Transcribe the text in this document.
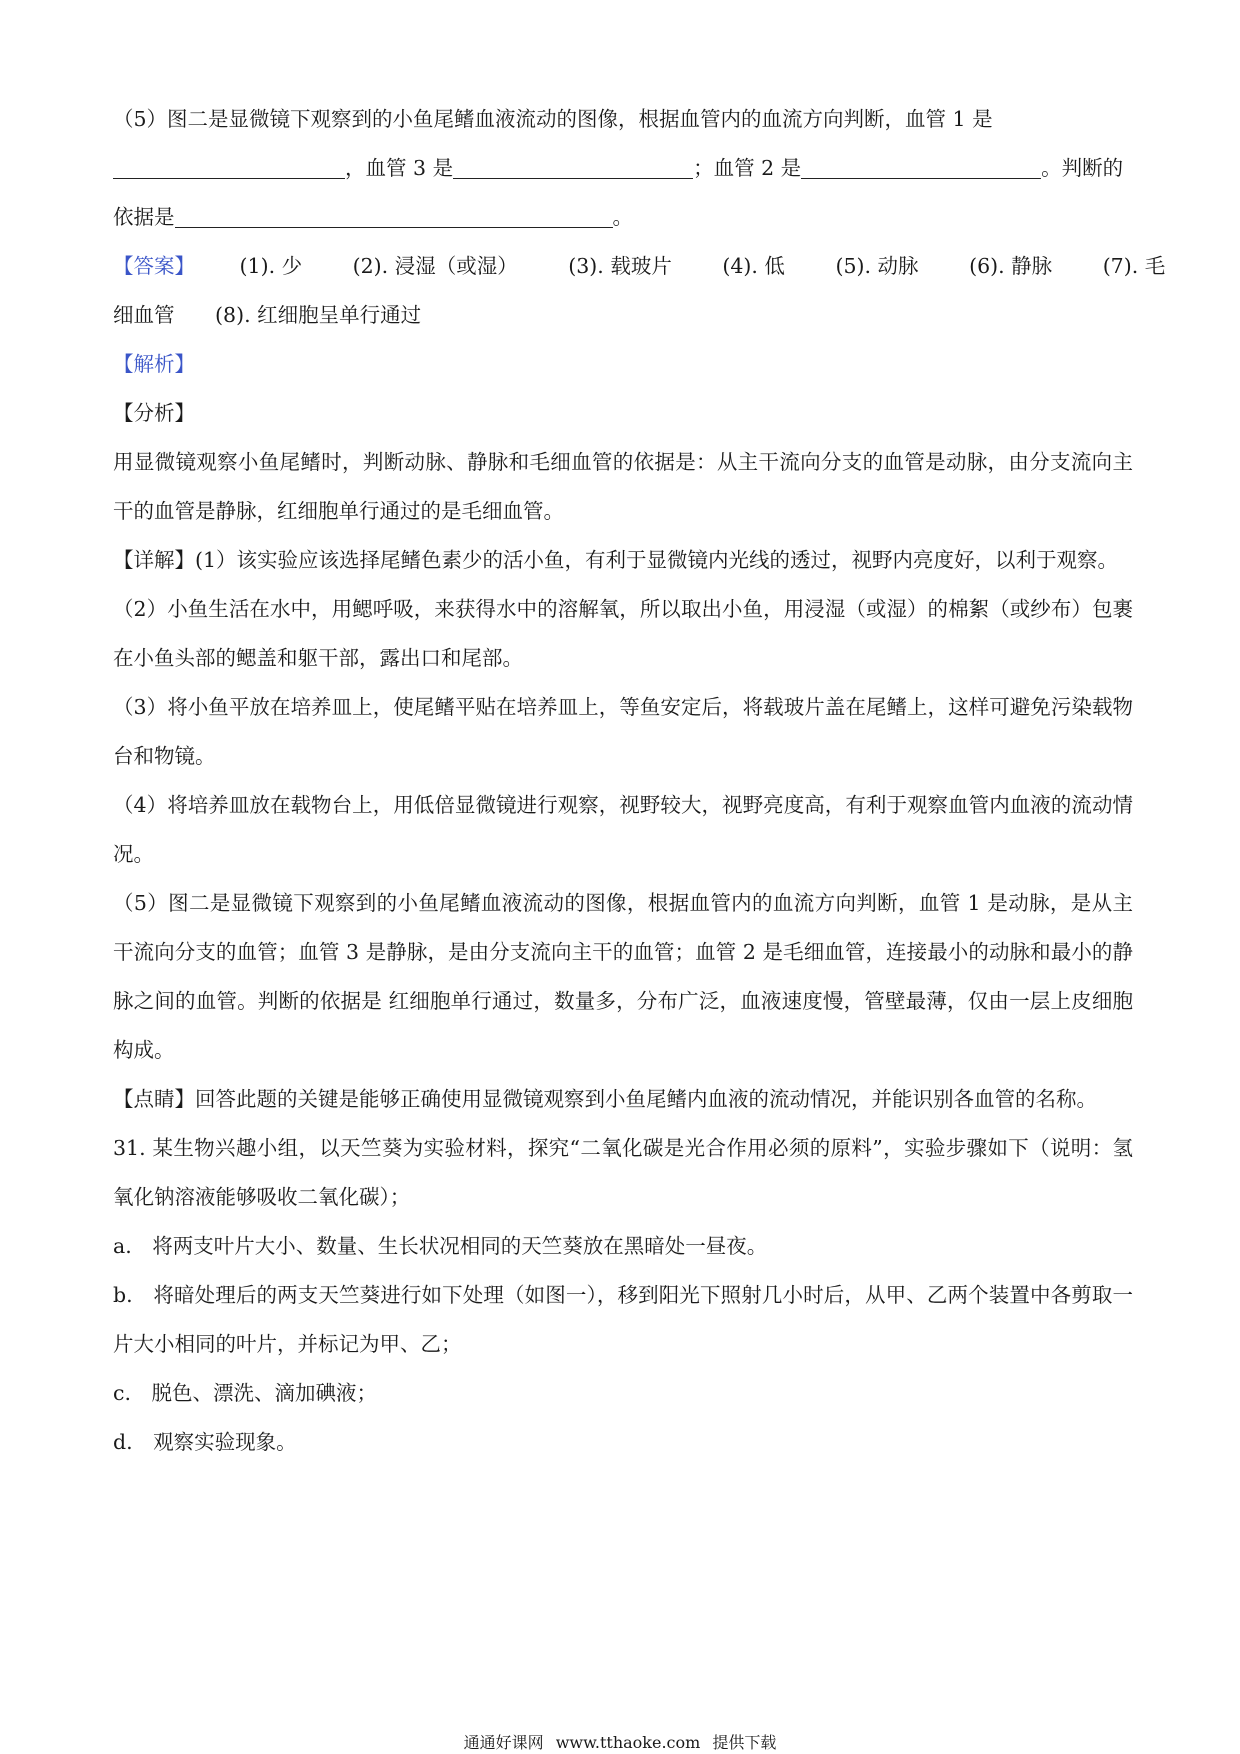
（5）图二是显微镜下观察到的小鱼尾鳍血液流动的图像，根据血管内的血流方向判断，血管 1 是
，血管 3 是	；血管 2 是	。判断的
依据是	。
【答案】 (1). 少 (2). 浸湿（或湿） (3). 载玻片 (4). 低 (5). 动脉 (6). 静脉 (7). 毛
细血管 (8). 红细胞呈单行通过
【解析】
【分析】
用显微镜观察小鱼尾鳍时，判断动脉、静脉和毛细血管的依据是：从主干流向分支的血管是动脉，由分支流向主干的血管是静脉，红细胞单行通过的是毛细血管。
【详解】(1）该实验应该选择尾鳍色素少的活小鱼，有利于显微镜内光线的透过，视野内亮度好，以利于观察。
（2）小鱼生活在水中，用鳃呼吸，来获得水中的溶解氧，所以取出小鱼，用浸湿（或湿）的棉絮（或纱布）包裹在小鱼头部的鳃盖和躯干部，露出口和尾部。
（3）将小鱼平放在培养皿上，使尾鳍平贴在培养皿上，等鱼安定后，将载玻片盖在尾鳍上，这样可避免污染载物台和物镜。
（4）将培养皿放在载物台上，用低倍显微镜进行观察，视野较大，视野亮度高，有利于观察血管内血液的流动情况。
（5）图二是显微镜下观察到的小鱼尾鳍血液流动的图像，根据血管内的血流方向判断，血管 1 是动脉，是从主干流向分支的血管；血管 3 是静脉，是由分支流向主干的血管；血管 2 是毛细血管，连接最小的动脉和最小的静脉之间的血管。判断的依据是 红细胞单行通过，数量多，分布广泛，血液速度慢，管壁最薄，仅由一层上皮细胞构成。
【点睛】回答此题的关键是能够正确使用显微镜观察到小鱼尾鳍内血液的流动情况，并能识别各血管的名称。
31. 某生物兴趣小组，以天竺葵为实验材料，探究“二氧化碳是光合作用必须的原料”，实验步骤如下（说明：氢氧化钠溶液能够吸收二氧化碳）；
a.　将两支叶片大小、数量、生长状况相同的天竺葵放在黑暗处一昼夜。
b.　将暗处理后的两支天竺葵进行如下处理（如图一），移到阳光下照射几小时后，从甲、乙两个装置中各剪取一片大小相同的叶片，并标记为甲、乙；
c.　脱色、漂洗、滴加碘液；
d.　观察实验现象。
通通好课网 www.tthaoke.com 提供下载
